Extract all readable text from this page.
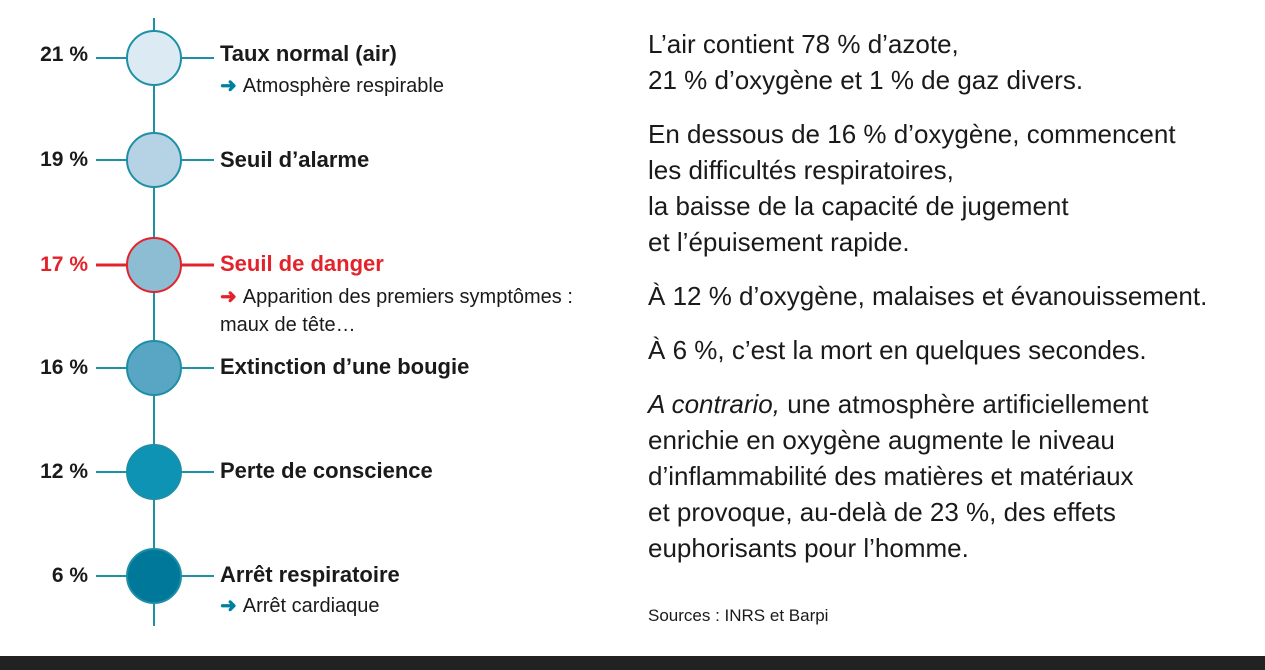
21 %	Taux normal (air)
➜ Atmosphère respirable
19 %	Seuil d’alarme
17 %	Seuil de danger
➜ Apparition des premiers symptômes :
maux de tête…
16 %	Extinction d’une bougie
12 %	Perte de conscience
6 %	Arrêt respiratoire
➜ Arrêt cardiaque

L’air contient 78 % d’azote,
21 % d’oxygène et 1 % de gaz divers.

En dessous de 16 % d’oxygène, commencent
les difficultés respiratoires,
la baisse de la capacité de jugement
et l’épuisement rapide.

À 12 % d’oxygène, malaises et évanouissement.

À 6 %, c’est la mort en quelques secondes.

A contrario, une atmosphère artificiellement
enrichie en oxygène augmente le niveau
d’inflammabilité des matières et matériaux
et provoque, au-delà de 23 %, des effets
euphorisants pour l’homme.

Sources : INRS et Barpi
